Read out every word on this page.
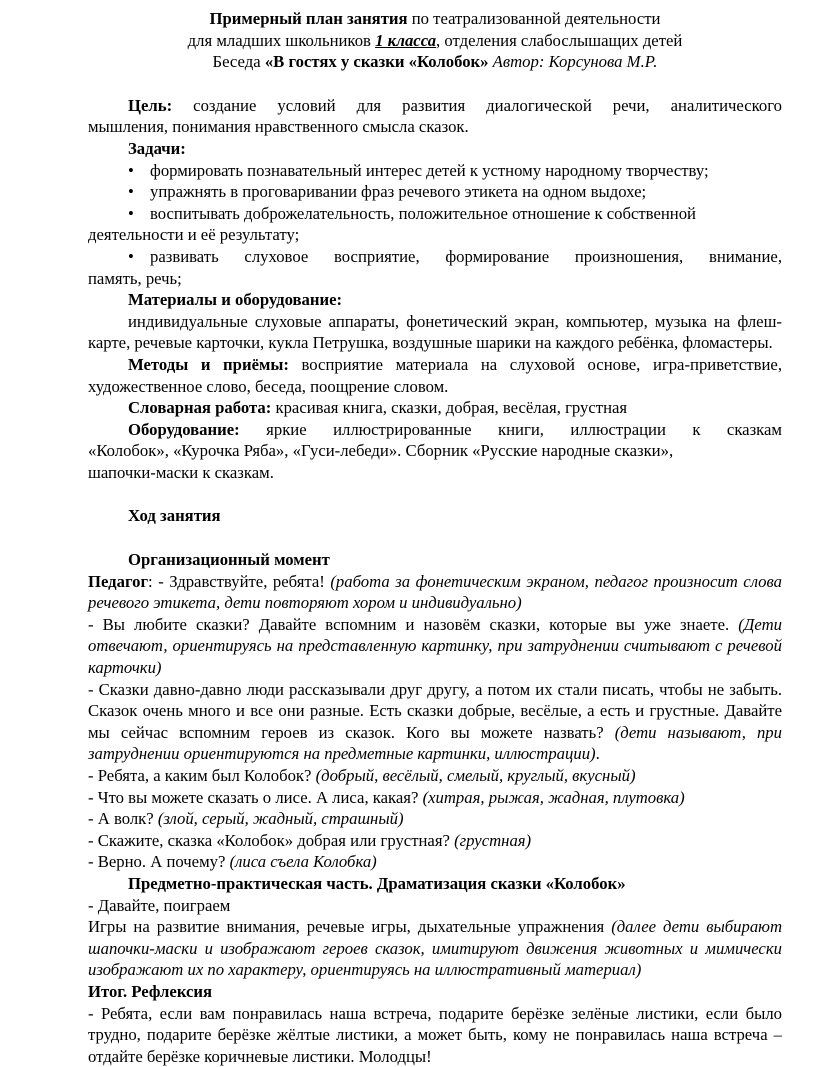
Примерный план занятия по театрализованной деятельности

для младших школьников 1 класса, отделения слабослышащих детей

Беседа «В гостях у сказки «Колобок» Автор: Корсунова М.Р.

Цель: создание условий для развития диалогической речи, аналитического

мышления, понимания нравственного смысла сказок.

Задачи:

• формировать познавательный интерес детей к устному народному творчеству;
• упражнять в проговаривании фраз речевого этикета на одном выдохе;
• воспитывать доброжелательность, положительное отношение к собственной

деятельности и её результату;

• развивать слуховое восприятие, формирование произношения, внимание,

память, речь;

Материалы и оборудование:

индивидуальные слуховые аппараты, фонетический экран, компьютер, музыка на флеш-карте, речевые карточки, кукла Петрушка, воздушные шарики на каждого ребёнка, фломастеры.

Методы и приёмы: восприятие материала на слуховой основе, игра-приветствие, художественное слово, беседа, поощрение словом.

Словарная работа: красивая книга, сказки, добрая, весёлая, грустная

Оборудование: яркие иллюстрированные книги, иллюстрации к сказкам

«Колобок», «Курочка Ряба», «Гуси-лебеди». Сборник «Русские народные сказки»,

шапочки-маски к сказкам.

Ход занятия

Организационный момент

Педагог: - Здравствуйте, ребята! (работа за фонетическим экраном, педагог произносит слова речевого этикета, дети повторяют хором и индивидуально)

- Вы любите сказки? Давайте вспомним и назовём сказки, которые вы уже знаете. (Дети отвечают, ориентируясь на представленную картинку, при затруднении считывают с речевой карточки)

- Сказки давно-давно люди рассказывали друг другу, а потом их стали писать, чтобы не забыть. Сказок очень много и все они разные. Есть сказки добрые, весёлые, а есть и грустные. Давайте мы сейчас вспомним героев из сказок. Кого вы можете назвать? (дети называют, при затруднении ориентируются на предметные картинки, иллюстрации).

- Ребята, а каким был Колобок? (добрый, весёлый, смелый, круглый, вкусный)

- Что вы можете сказать о лисе. А лиса, какая? (хитрая, рыжая, жадная, плутовка)

- А волк? (злой, серый, жадный, страшный)

- Скажите, сказка «Колобок» добрая или грустная? (грустная)

- Верно. А почему? (лиса съела Колобка)

Предметно-практическая часть. Драматизация сказки «Колобок»

- Давайте, поиграем

Игры на развитие внимания, речевые игры, дыхательные упражнения (далее дети выбирают шапочки-маски и изображают героев сказок, имитируют движения животных и мимически изображают их по характеру, ориентируясь на иллюстративный материал)

Итог. Рефлексия

- Ребята, если вам понравилась наша встреча, подарите берёзке зелёные листики, если было трудно, подарите берёзке жёлтые листики, а может быть, кому не понравилась наша встреча – отдайте берёзке коричневые листики. Молодцы!
